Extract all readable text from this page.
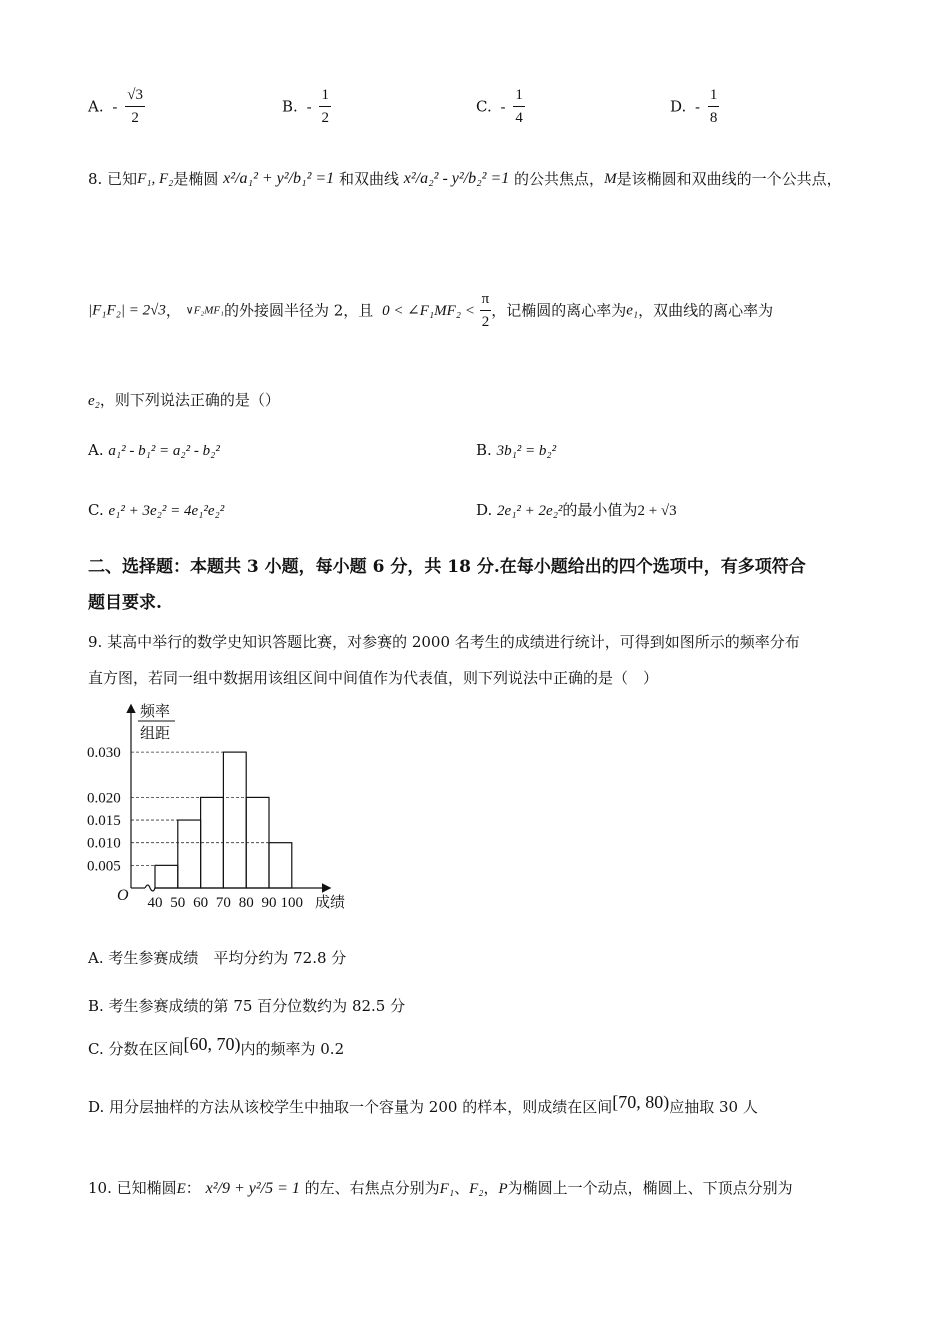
A. - $\frac{√3}{2}$	B. - $\frac{1}{2}$	C. - $\frac{1}{4}$	D. - $\frac{1}{8}$
8. 已知F₁, F₂是椭圆 x²/a₁² + y²/b₁² =1 和双曲线 x²/a₂² - y²/b₂² =1 的公共焦点，M是该椭圆和双曲线的一个公共点，
|F₁F₂| = 2√3， ∨F₂MF₁的外接圆半径为 2，且 0 < ∠F₁MF₂ < $\frac{\pi}{2}$ ，记椭圆的离心率为e₁，双曲线的离心率为
e₂，则下列说法正确的是（）
A. a₁² - b₁² = a₂² - b₂²	B. 3b₁² = b₂²
C. e₁² + 3e₂² = 4e₁²e₂²	D. 2e₁² + 2e₂²的最小值为2 + √3
二、选择题：本题共 3 小题，每小题 6 分，共 18 分.在每小题给出的四个选项中，有多项符合
题目要求.
9. 某高中举行的数学史知识答题比赛，对参赛的 2000 名考生的成绩进行统计，可得到如图所示的频率分布
直方图，若同一组中数据用该组区间中间值作为代表值，则下列说法中正确的是（　）
0.005
0.010
0.015
0.020
0.030
O 40 50 60 70 80 90 100 成绩
频率
组距
A. 考生参赛成绩　平均分约为 72.8 分
B. 考生参赛成绩的第 75 百分位数约为 82.5 分
C. 分数在区间[60, 70)内的频率为 0.2
D. 用分层抽样的方法从该校学生中抽取一个容量为 200 的样本，则成绩在区间[70, 80)应抽取 30 人
10. 已知椭圆E： x²/9 + y²/5 = 1 的左、右焦点分别为F₁、F₂，P为椭圆上一个动点，椭圆上、下顶点分别为
